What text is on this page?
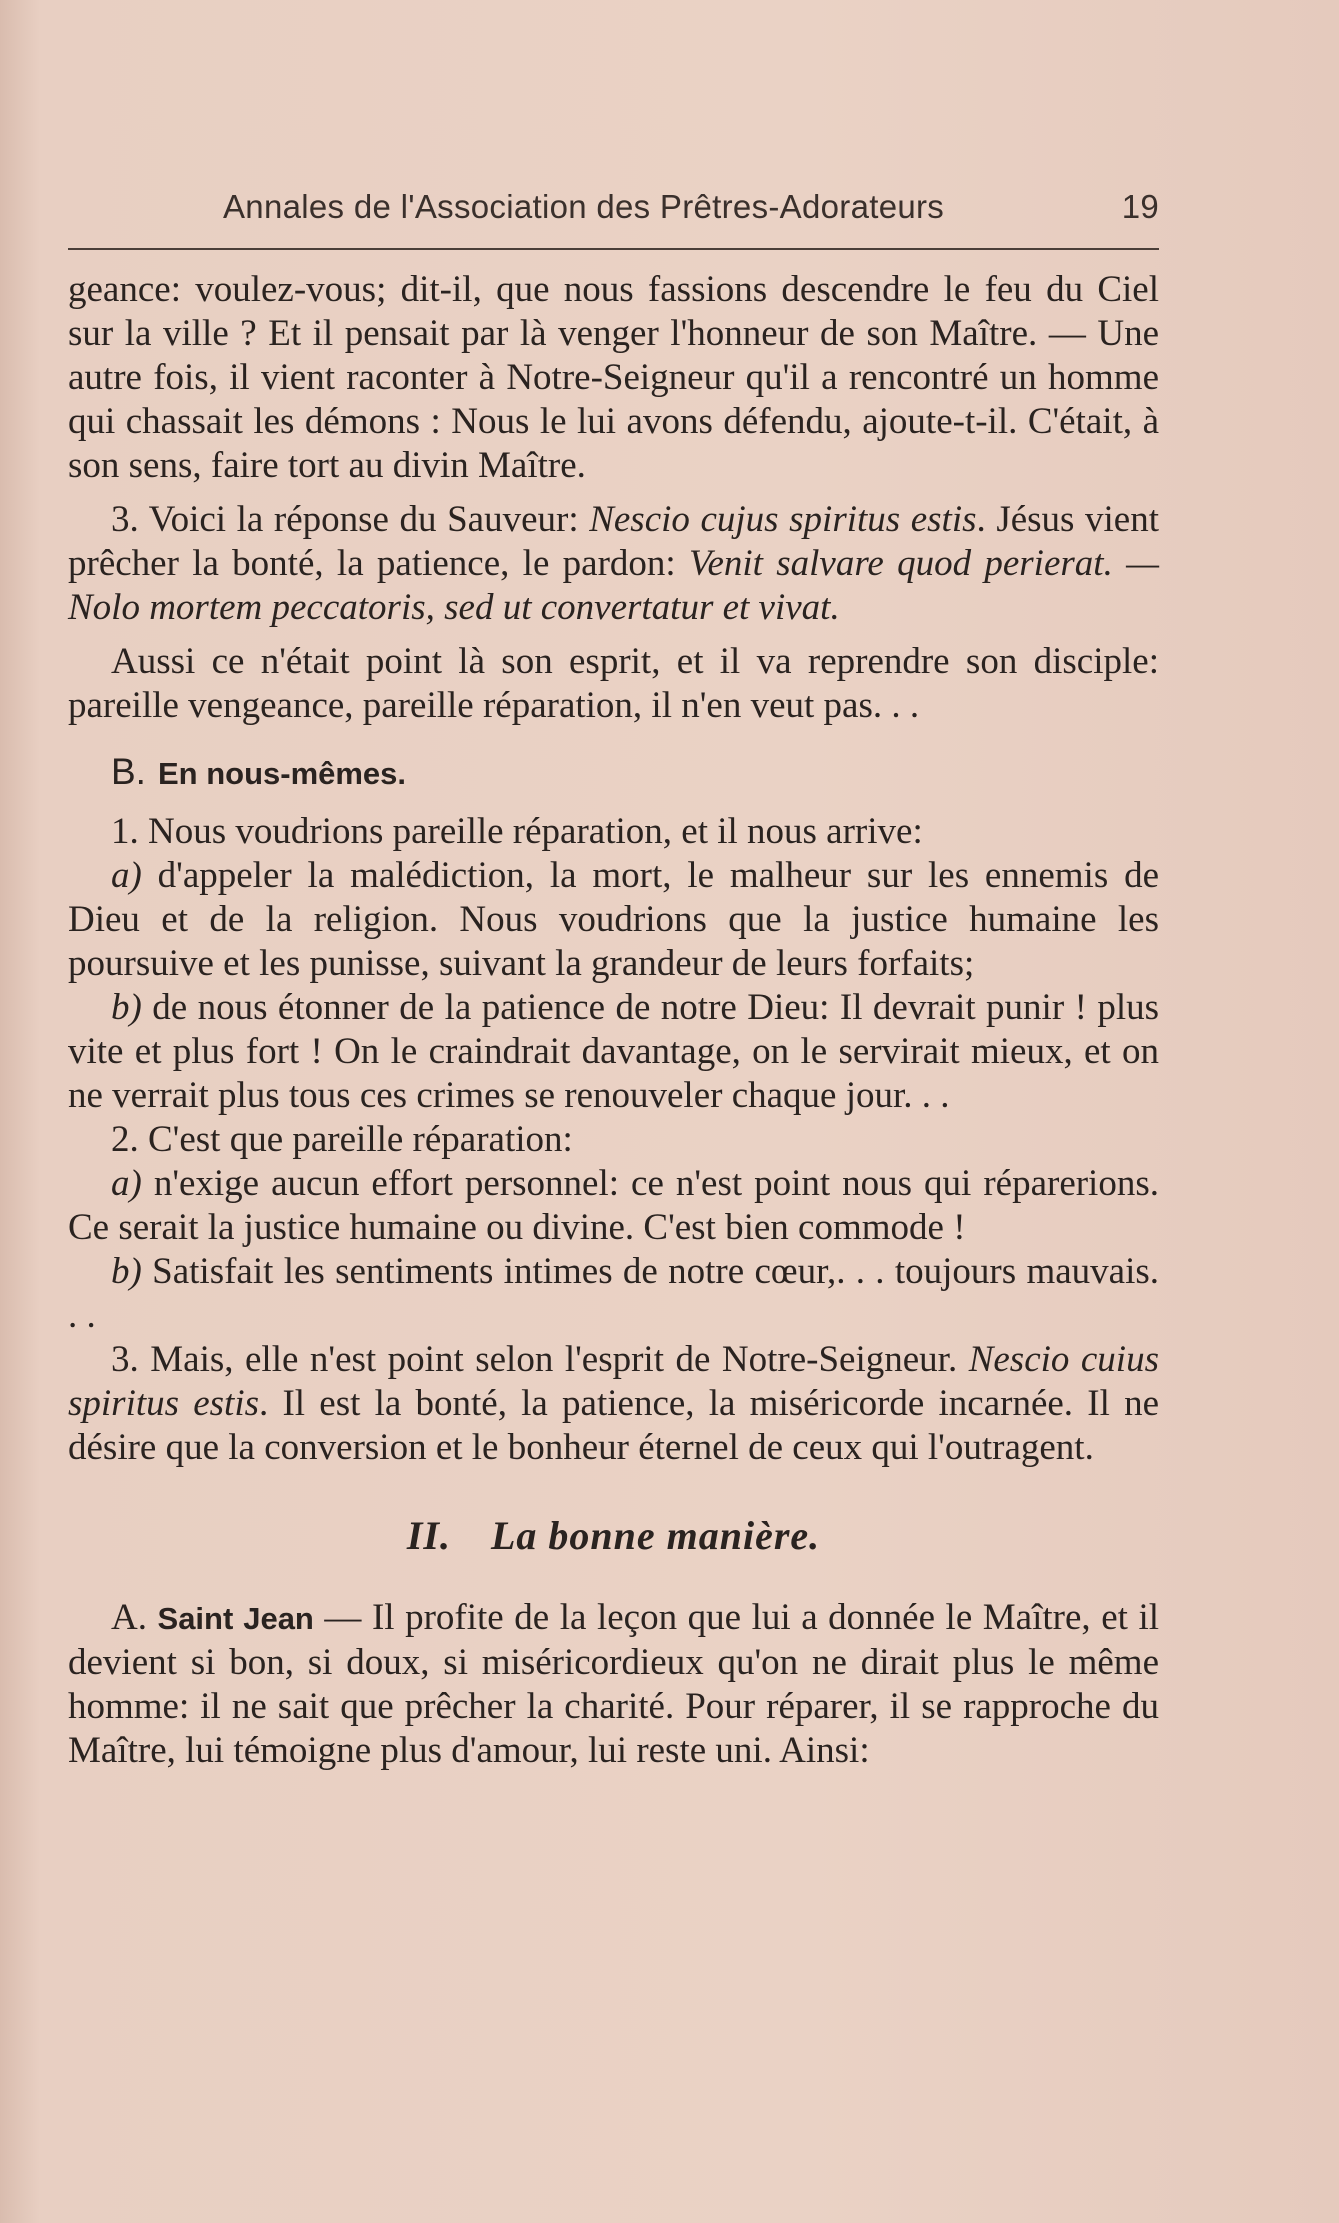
Annales de l'Association des Prêtres-Adorateurs	19

geance: voulez-vous; dit-il, que nous fassions descendre le feu du Ciel sur la ville ? Et il pensait par là venger l'honneur de son Maître. — Une autre fois, il vient raconter à Notre-Seigneur qu'il a rencontré un homme qui chassait les démons : Nous le lui avons défendu, ajoute-t-il. C'était, à son sens, faire tort au divin Maître.

3. Voici la réponse du Sauveur: Nescio cujus spiritus estis. Jésus vient prêcher la bonté, la patience, le pardon: Venit salvare quod perierat. — Nolo mortem peccatoris, sed ut convertatur et vivat.

Aussi ce n'était point là son esprit, et il va reprendre son disciple: pareille vengeance, pareille réparation, il n'en veut pas. . .

B. En nous-mêmes.

1. Nous voudrions pareille réparation, et il nous arrive:

a) d'appeler la malédiction, la mort, le malheur sur les ennemis de Dieu et de la religion. Nous voudrions que la justice humaine les poursuive et les punisse, suivant la grandeur de leurs forfaits;

b) de nous étonner de la patience de notre Dieu: Il devrait punir ! plus vite et plus fort ! On le craindrait davantage, on le servirait mieux, et on ne verrait plus tous ces crimes se renouveler chaque jour. . .

2. C'est que pareille réparation:

a) n'exige aucun effort personnel: ce n'est point nous qui réparerions. Ce serait la justice humaine ou divine. C'est bien commode !

b) Satisfait les sentiments intimes de notre cœur,. . . toujours mauvais. . .

3. Mais, elle n'est point selon l'esprit de Notre-Seigneur. Nescio cuius spiritus estis. Il est la bonté, la patience, la miséricorde incarnée. Il ne désire que la conversion et le bonheur éternel de ceux qui l'outragent.

II. La bonne manière.

A. Saint Jean — Il profite de la leçon que lui a donnée le Maître, et il devient si bon, si doux, si miséricordieux qu'on ne dirait plus le même homme: il ne sait que prêcher la charité. Pour réparer, il se rapproche du Maître, lui témoigne plus d'amour, lui reste uni. Ainsi:
